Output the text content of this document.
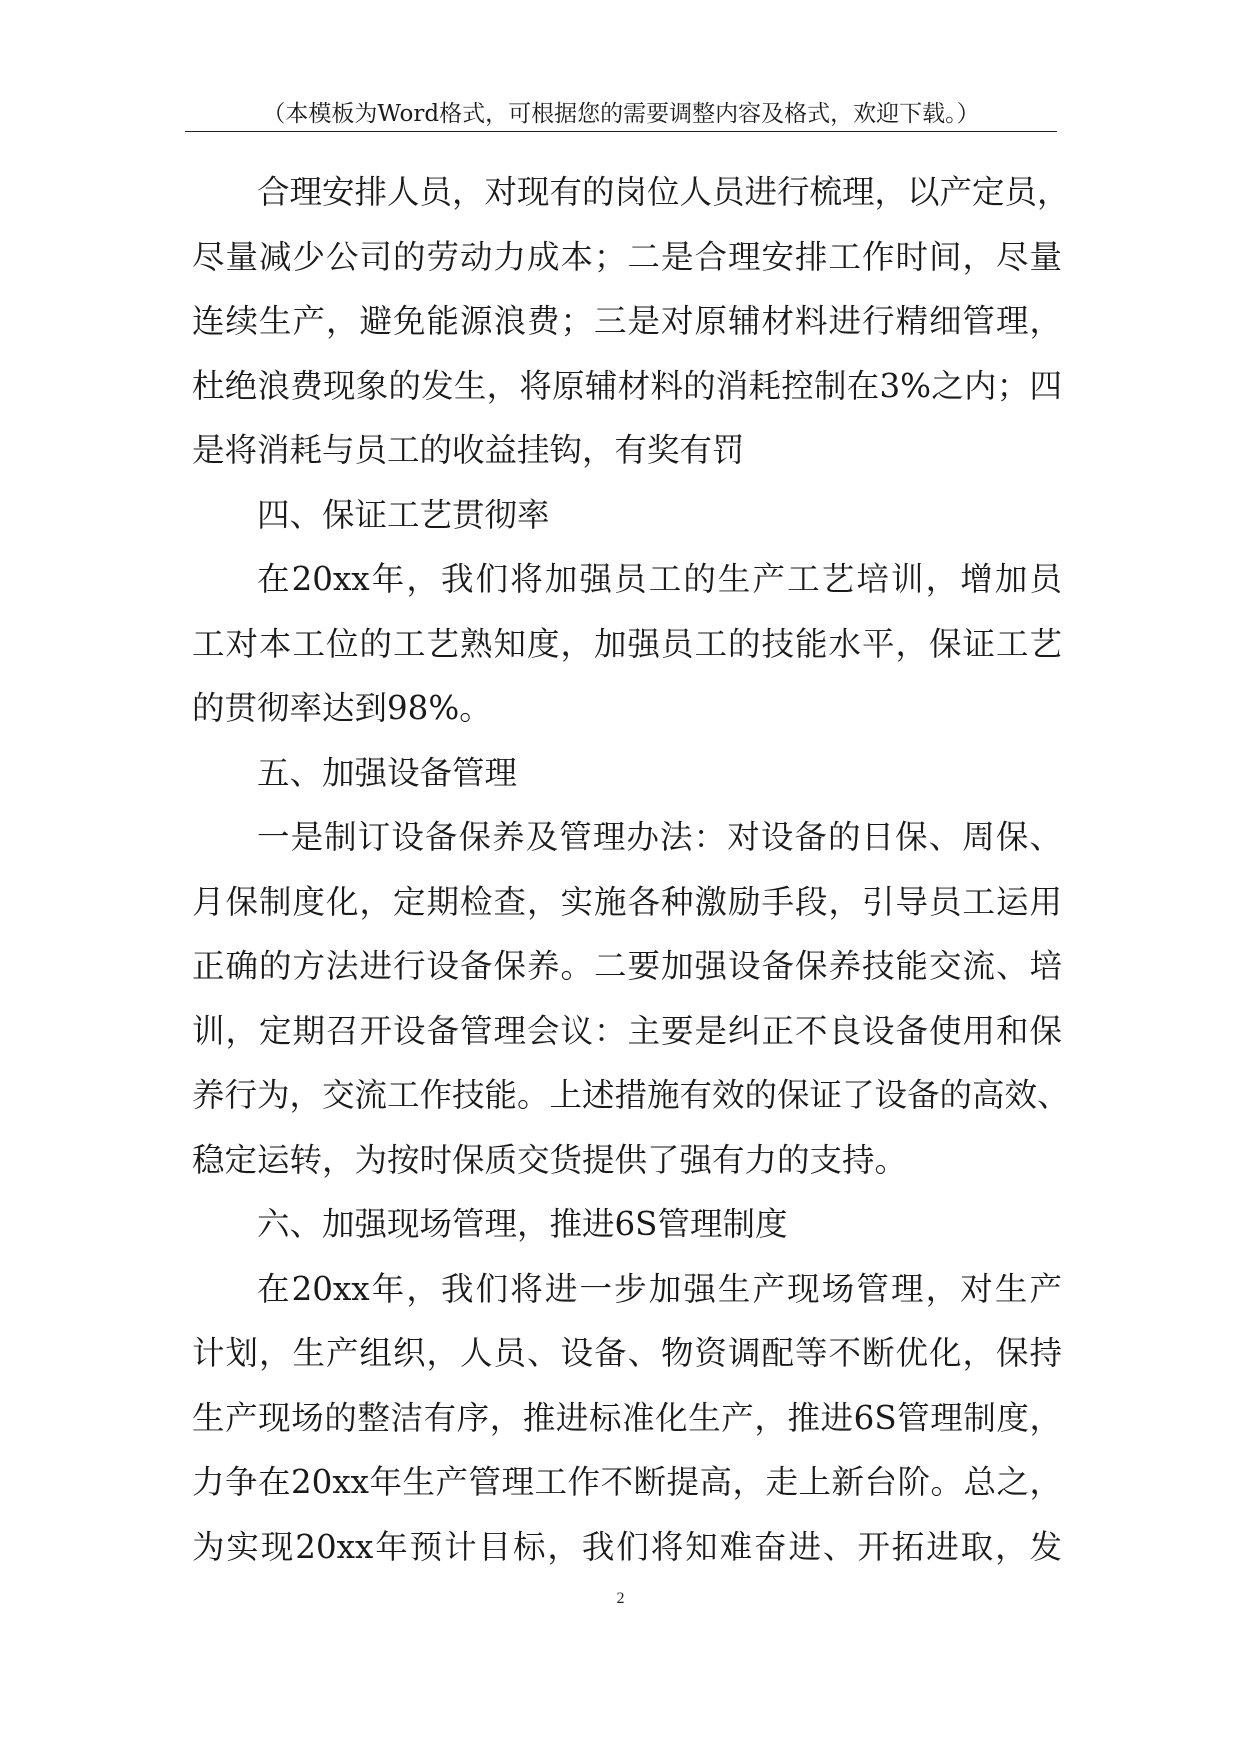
（本模板为Word格式，可根据您的需要调整内容及格式，欢迎下载。）

合理安排人员，对现有的岗位人员进行梳理，以产定员，

尽量减少公司的劳动力成本；二是合理安排工作时间，尽量

连续生产，避免能源浪费；三是对原辅材料进行精细管理，

杜绝浪费现象的发生，将原辅材料的消耗控制在3%之内；四

是将消耗与员工的收益挂钩，有奖有罚

四、保证工艺贯彻率

在20xx年，我们将加强员工的生产工艺培训，增加员

工对本工位的工艺熟知度，加强员工的技能水平，保证工艺

的贯彻率达到98%。

五、加强设备管理

一是制订设备保养及管理办法：对设备的日保、周保、

月保制度化，定期检查，实施各种激励手段，引导员工运用

正确的方法进行设备保养。二要加强设备保养技能交流、培

训，定期召开设备管理会议：主要是纠正不良设备使用和保

养行为，交流工作技能。上述措施有效的保证了设备的高效、

稳定运转，为按时保质交货提供了强有力的支持。

六、加强现场管理，推进6S管理制度

在20xx年，我们将进一步加强生产现场管理，对生产

计划，生产组织，人员、设备、物资调配等不断优化，保持

生产现场的整洁有序，推进标准化生产，推进6S管理制度，

力争在20xx年生产管理工作不断提高，走上新台阶。总之，

为实现20xx年预计目标，我们将知难奋进、开拓进取，发

2
